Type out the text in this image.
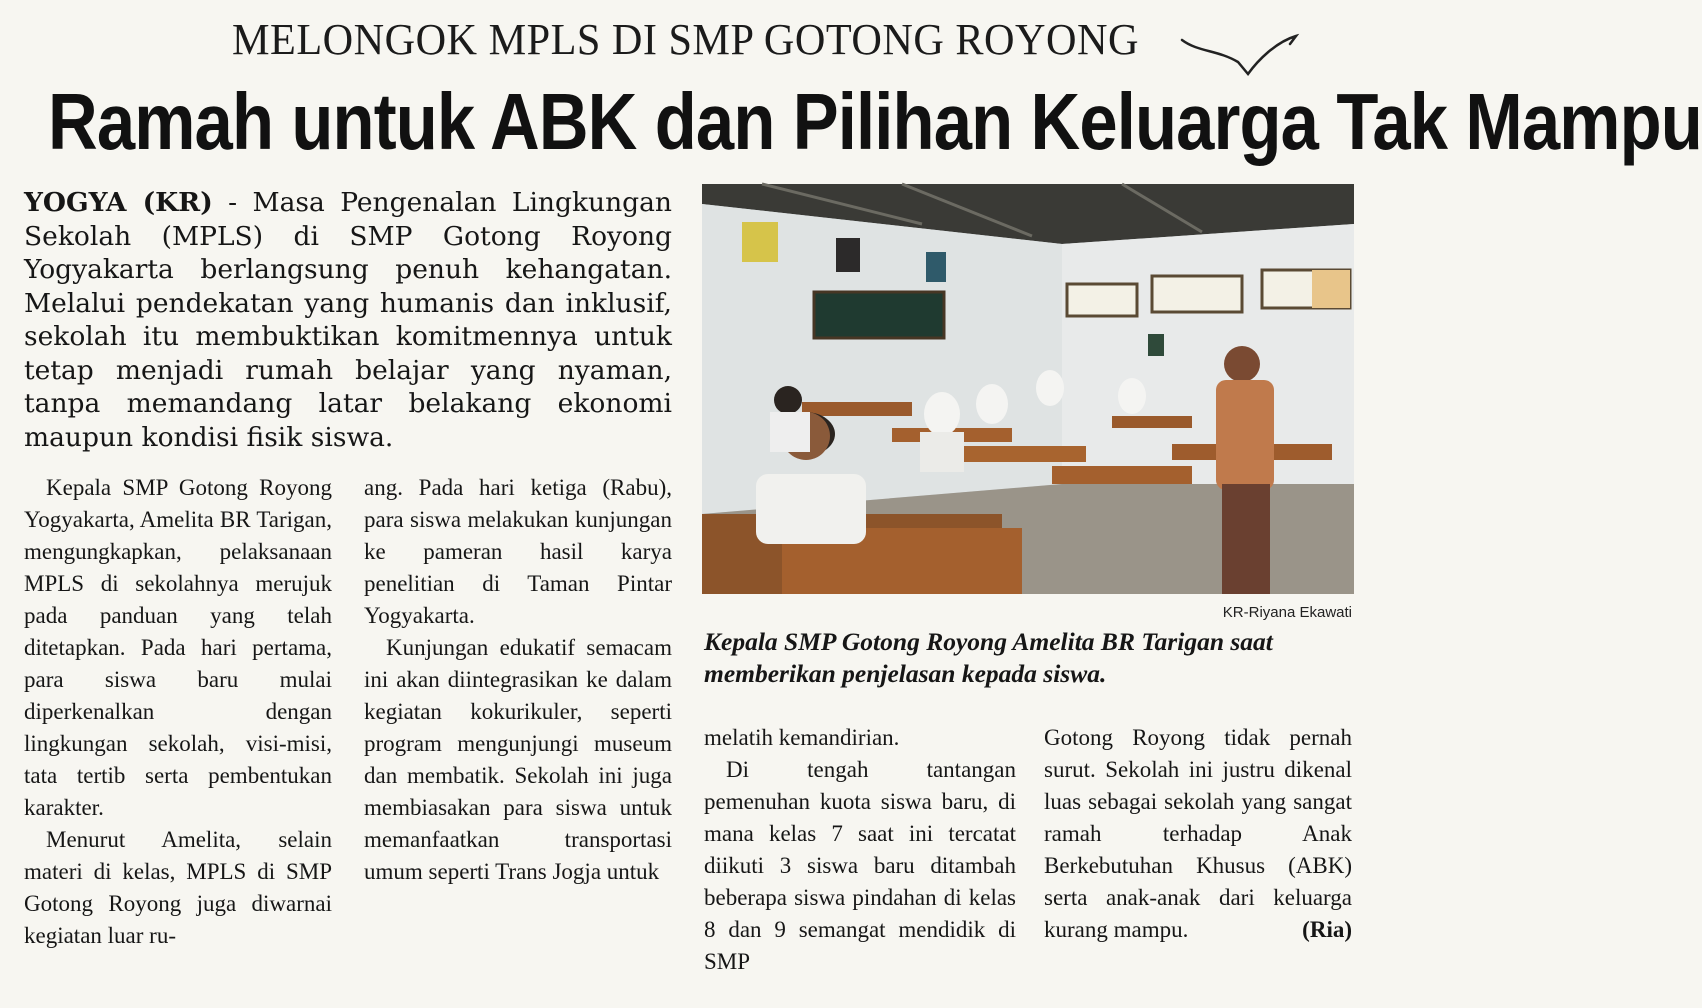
MELONGOK MPLS DI SMP GOTONG ROYONG
Ramah untuk ABK dan Pilihan Keluarga Tak Mampu
YOGYA (KR) - Masa Pengenalan Lingkungan Sekolah (MPLS) di SMP Gotong Royong Yogyakarta berlangsung penuh kehangatan. Melalui pendekatan yang humanis dan inklusif, sekolah itu membuktikan komitmennya untuk tetap menjadi rumah belajar yang nyaman, tanpa memandang latar belakang ekonomi maupun kondisi fisik siswa.

Kepala SMP Gotong Royong Yogyakarta, Amelita BR Tarigan, mengungkapkan, pelaksanaan MPLS di sekolahnya merujuk pada panduan yang telah ditetapkan. Pada hari pertama, para siswa baru mulai diperkenalkan dengan lingkungan sekolah, visi-misi, tata tertib serta pembentukan karakter.

Menurut Amelita, selain materi di kelas, MPLS di SMP Gotong Royong juga diwarnai kegiatan luar ru-

ang. Pada hari ketiga (Rabu), para siswa melakukan kunjungan ke pameran hasil karya penelitian di Taman Pintar Yogyakarta.

Kunjungan edukatif semacam ini akan diintegrasikan ke dalam kegiatan kokurikuler, seperti program mengunjungi museum dan membatik. Sekolah ini juga membiasakan para siswa untuk memanfaatkan transportasi umum seperti Trans Jogja untuk

KR-Riyana Ekawati
Kepala SMP Gotong Royong Amelita BR Tarigan saat memberikan penjelasan kepada siswa.

melatih kemandirian.

Di tengah tantangan pemenuhan kuota siswa baru, di mana kelas 7 saat ini tercatat diikuti 3 siswa baru ditambah beberapa siswa pindahan di kelas 8 dan 9 semangat mendidik di SMP

Gotong Royong tidak pernah surut. Sekolah ini justru dikenal luas sebagai sekolah yang sangat ramah terhadap Anak Berkebutuhan Khusus (ABK) serta anak-anak dari keluarga kurang mampu.	(Ria)
